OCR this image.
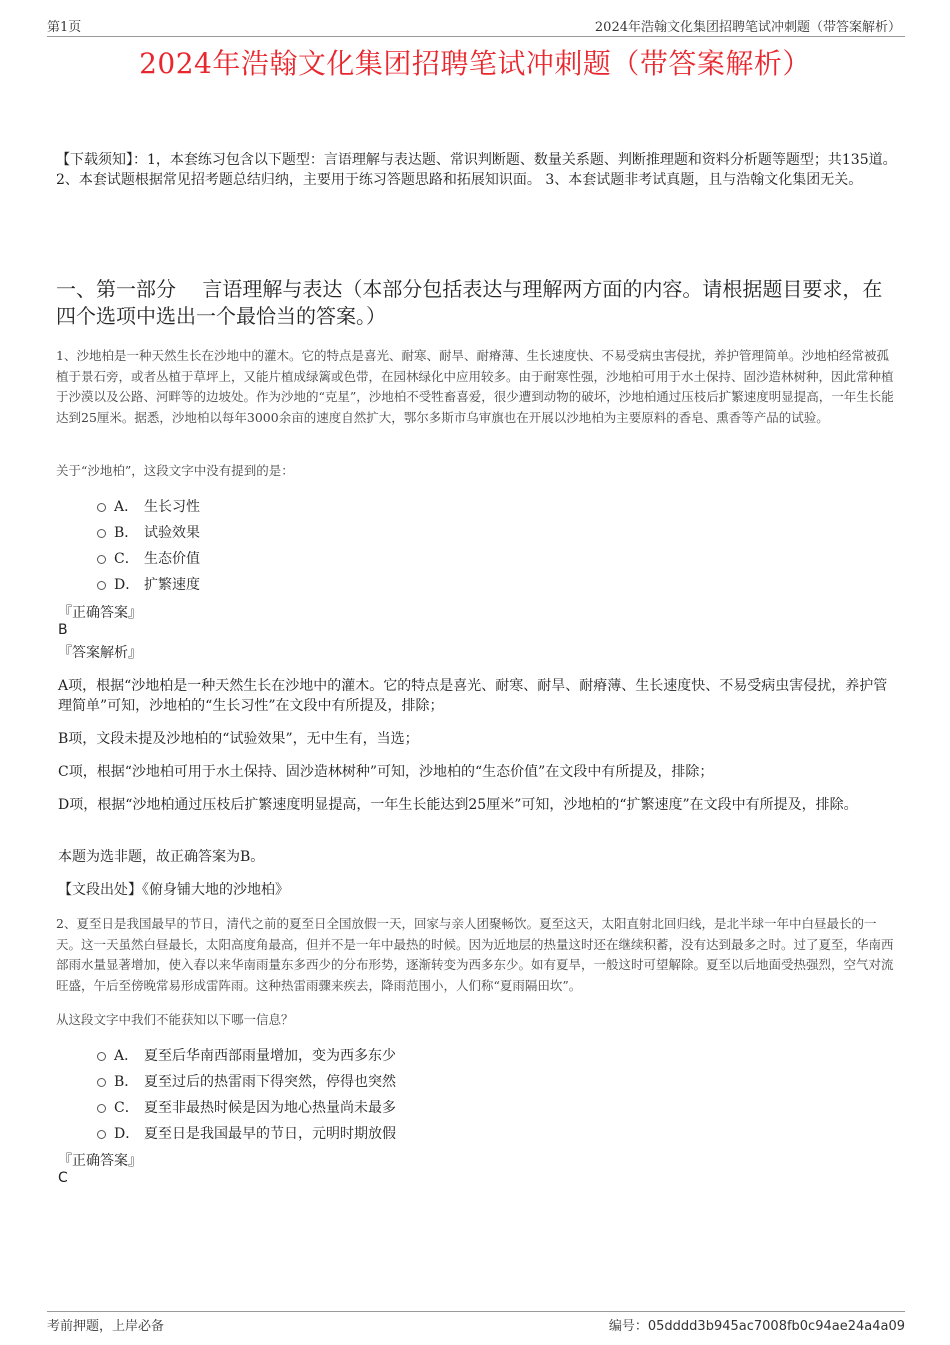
第1页	2024年浩翰文化集团招聘笔试冲刺题（带答案解析）
2024年浩翰文化集团招聘笔试冲刺题（带答案解析）
【下载须知】：1，本套练习包含以下题型：言语理解与表达题、常识判断题、数量关系题、判断推理题和资料分析题等题型；共135道。 2、本套试题根据常见招考题总结归纳，主要用于练习答题思路和拓展知识面。 3、本套试题非考试真题，且与浩翰文化集团无关。
一、第一部分　 言语理解与表达（本部分包括表达与理解两方面的内容。请根据题目要求，在四个选项中选出一个最恰当的答案。）
1、沙地柏是一种天然生长在沙地中的灌木。它的特点是喜光、耐寒、耐旱、耐瘠薄、生长速度快、不易受病虫害侵扰，养护管理简单。沙地柏经常被孤植于景石旁，或者丛植于草坪上，又能片植成绿篱或色带，在园林绿化中应用较多。由于耐寒性强，沙地柏可用于水土保持、固沙造林树种，因此常种植于沙漠以及公路、河畔等的边坡处。作为沙地的“克星”，沙地柏不受牲畜喜爱，很少遭到动物的破坏，沙地柏通过压枝后扩繁速度明显提高，一年生长能达到25厘米。据悉，沙地柏以每年3000余亩的速度自然扩大，鄂尔多斯市乌审旗也在开展以沙地柏为主要原料的香皂、熏香等产品的试验。
关于“沙地柏”，这段文字中没有提到的是：
A． 生长习性
B． 试验效果
C． 生态价值
D． 扩繁速度
『正确答案』
B
『答案解析』
A项，根据“沙地柏是一种天然生长在沙地中的灌木。它的特点是喜光、耐寒、耐旱、耐瘠薄、生长速度快、不易受病虫害侵扰，养护管理简单”可知，沙地柏的“生长习性”在文段中有所提及，排除；
B项，文段未提及沙地柏的“试验效果”，无中生有，当选；
C项，根据“沙地柏可用于水土保持、固沙造林树种”可知，沙地柏的“生态价值”在文段中有所提及，排除；
D项，根据“沙地柏通过压枝后扩繁速度明显提高，一年生长能达到25厘米”可知，沙地柏的“扩繁速度”在文段中有所提及，排除。
本题为选非题，故正确答案为B。
【文段出处】《俯身铺大地的沙地柏》
2、夏至日是我国最早的节日，清代之前的夏至日全国放假一天，回家与亲人团聚畅饮。夏至这天，太阳直射北回归线，是北半球一年中白昼最长的一天。这一天虽然白昼最长，太阳高度角最高，但并不是一年中最热的时候。因为近地层的热量这时还在继续积蓄，没有达到最多之时。过了夏至，华南西部雨水量显著增加，使入春以来华南雨量东多西少的分布形势，逐渐转变为西多东少。如有夏旱，一般这时可望解除。夏至以后地面受热强烈，空气对流旺盛，午后至傍晚常易形成雷阵雨。这种热雷雨骤来疾去，降雨范围小，人们称“夏雨隔田坎”。
从这段文字中我们不能获知以下哪一信息？
A． 夏至后华南西部雨量增加，变为西多东少
B． 夏至过后的热雷雨下得突然，停得也突然
C． 夏至非最热时候是因为地心热量尚未最多
D． 夏至日是我国最早的节日，元明时期放假
『正确答案』
C
考前押题，上岸必备	编号：05dddd3b945ac7008fb0c94ae24a4a09
